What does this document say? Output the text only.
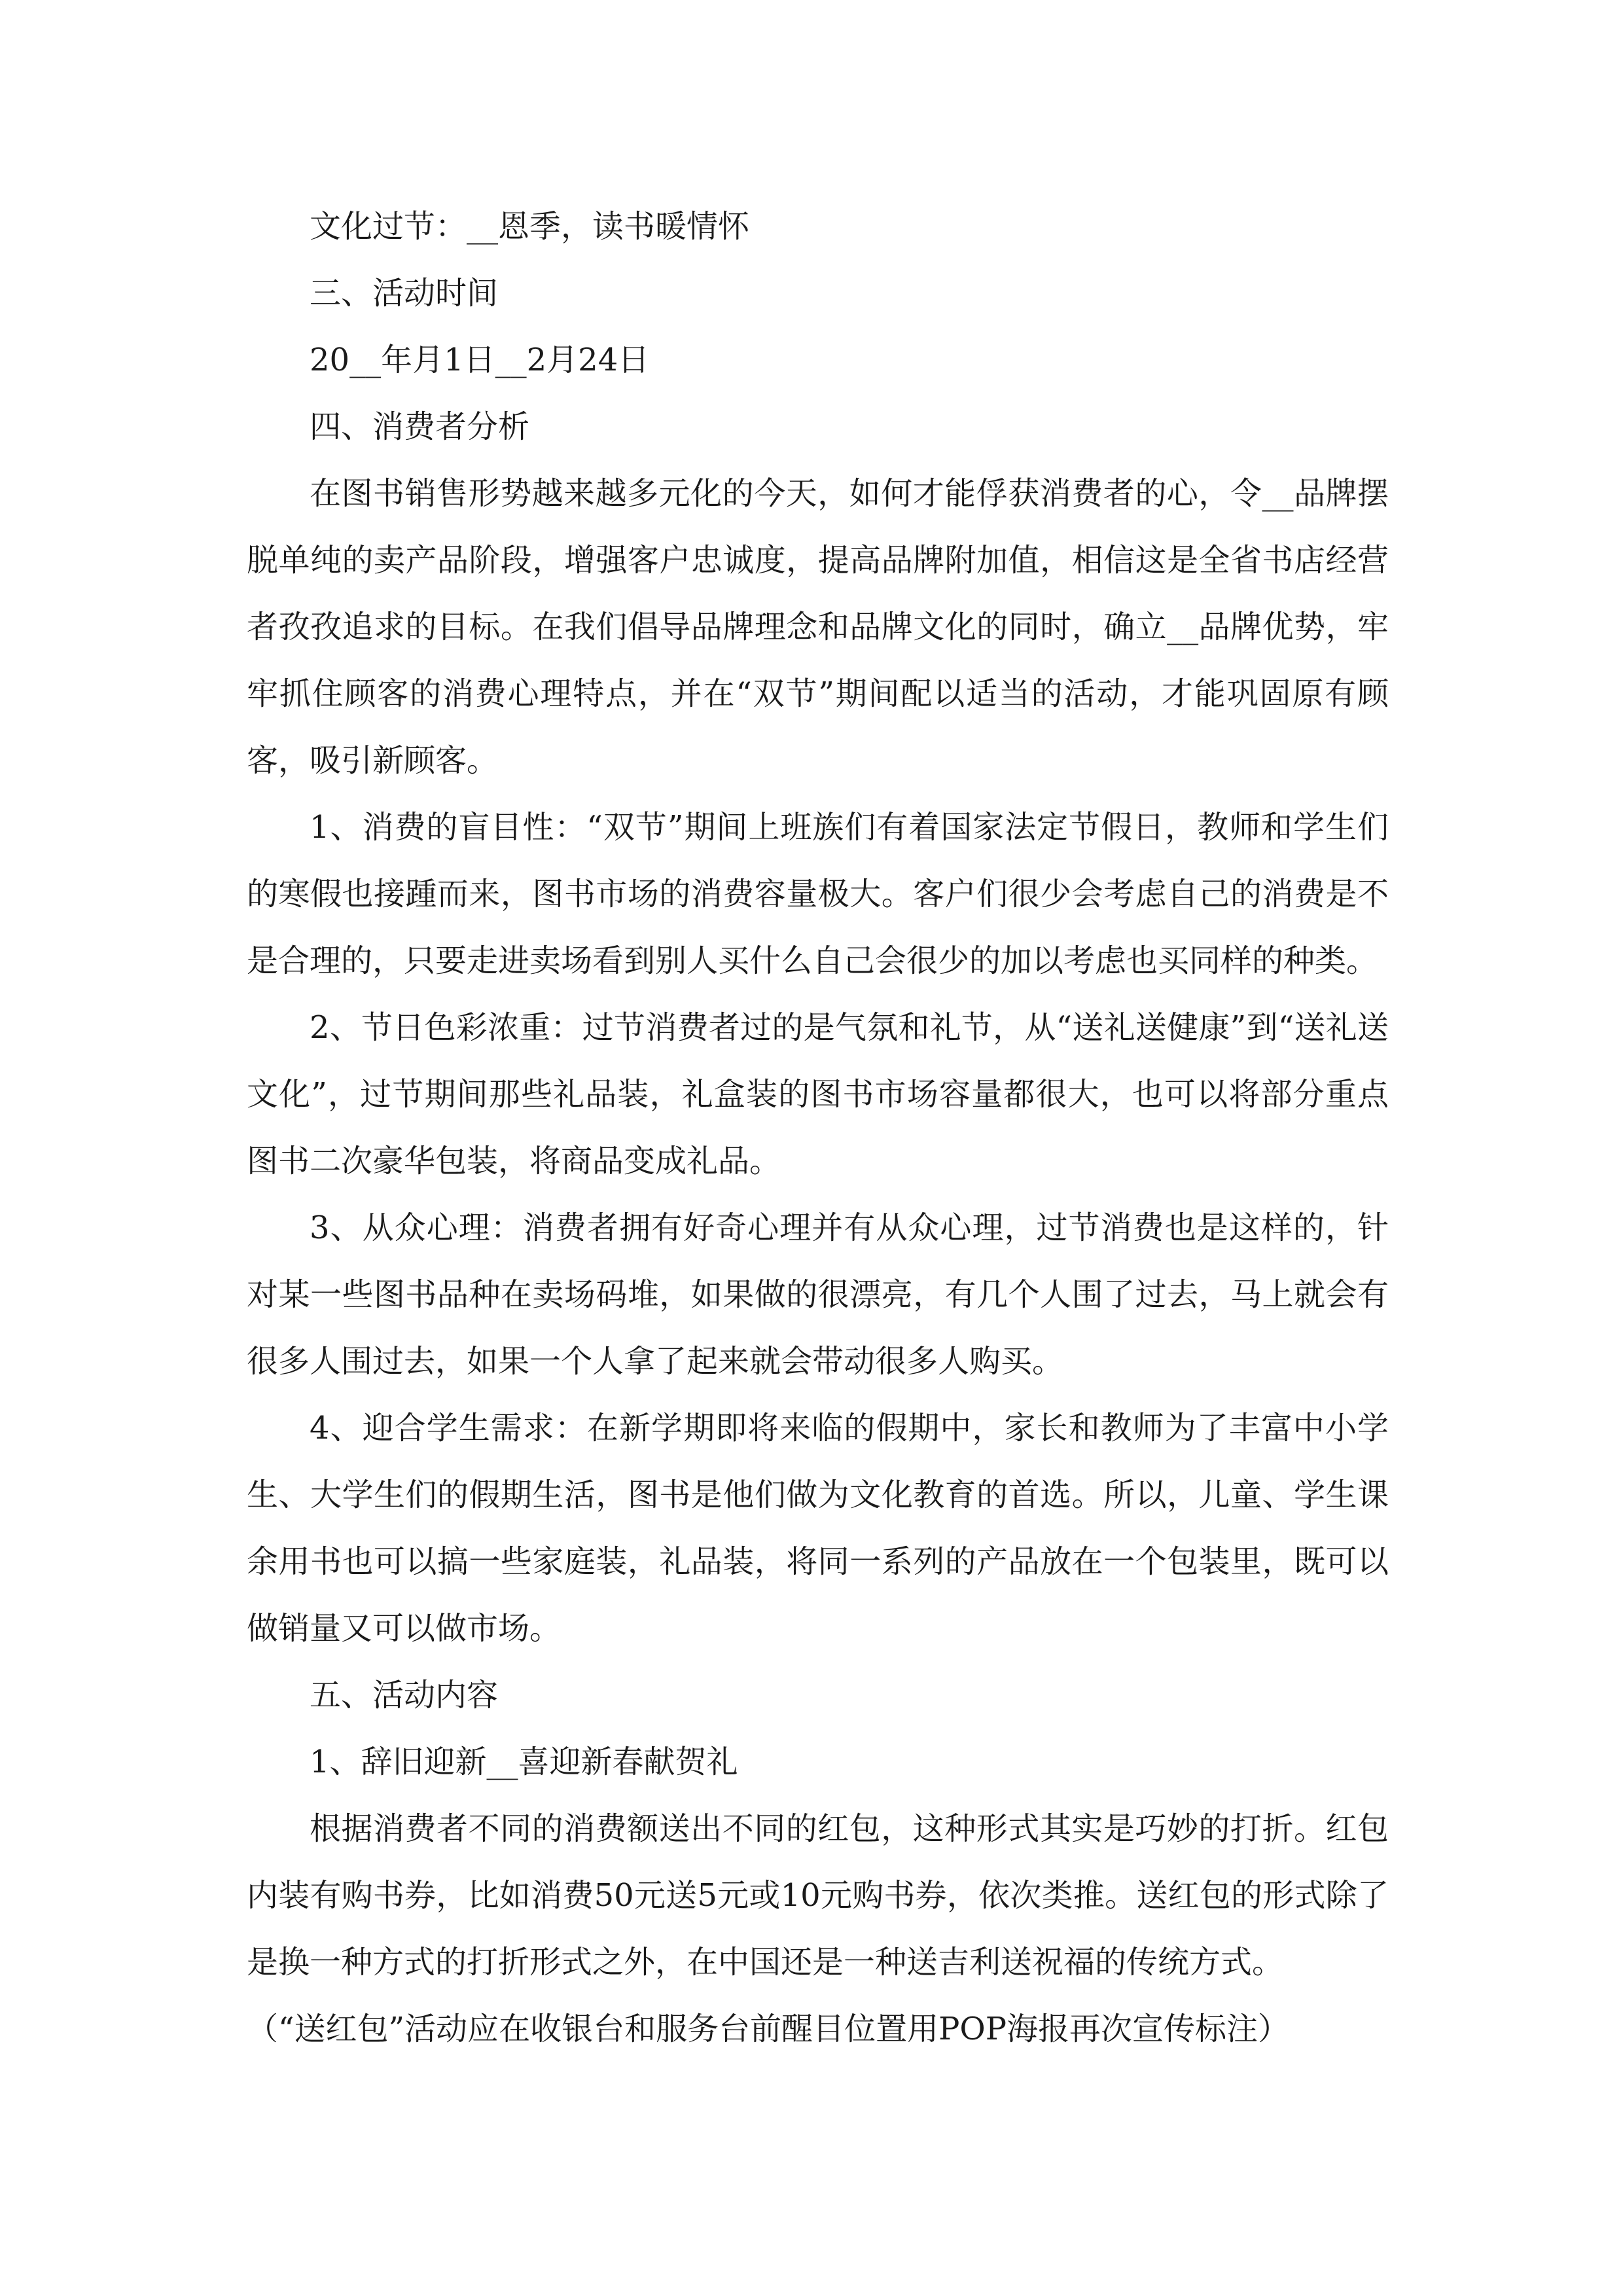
文化过节：__恩季，读书暖情怀

三、活动时间

20__年月1日__2月24日

四、消费者分析

在图书销售形势越来越多元化的今天，如何才能俘获消费者的心，令__品牌摆脱单纯的卖产品阶段，增强客户忠诚度，提高品牌附加值，相信这是全省书店经营者孜孜追求的目标。在我们倡导品牌理念和品牌文化的同时，确立__品牌优势，牢牢抓住顾客的消费心理特点，并在“双节”期间配以适当的活动，才能巩固原有顾客，吸引新顾客。

1、消费的盲目性：“双节”期间上班族们有着国家法定节假日，教师和学生们的寒假也接踵而来，图书市场的消费容量极大。客户们很少会考虑自己的消费是不是合理的，只要走进卖场看到别人买什么自己会很少的加以考虑也买同样的种类。

2、节日色彩浓重：过节消费者过的是气氛和礼节，从“送礼送健康”到“送礼送文化”，过节期间那些礼品装，礼盒装的图书市场容量都很大，也可以将部分重点图书二次豪华包装，将商品变成礼品。

3、从众心理：消费者拥有好奇心理并有从众心理，过节消费也是这样的，针对某一些图书品种在卖场码堆，如果做的很漂亮，有几个人围了过去，马上就会有很多人围过去，如果一个人拿了起来就会带动很多人购买。

4、迎合学生需求：在新学期即将来临的假期中，家长和教师为了丰富中小学生、大学生们的假期生活，图书是他们做为文化教育的首选。所以，儿童、学生课余用书也可以搞一些家庭装，礼品装，将同一系列的产品放在一个包装里，既可以做销量又可以做市场。

五、活动内容

1、辞旧迎新__喜迎新春献贺礼

根据消费者不同的消费额送出不同的红包，这种形式其实是巧妙的打折。红包内装有购书券，比如消费50元送5元或10元购书券，依次类推。送红包的形式除了是换一种方式的打折形式之外，在中国还是一种送吉利送祝福的传统方式。

（“送红包”活动应在收银台和服务台前醒目位置用POP海报再次宣传标注）
